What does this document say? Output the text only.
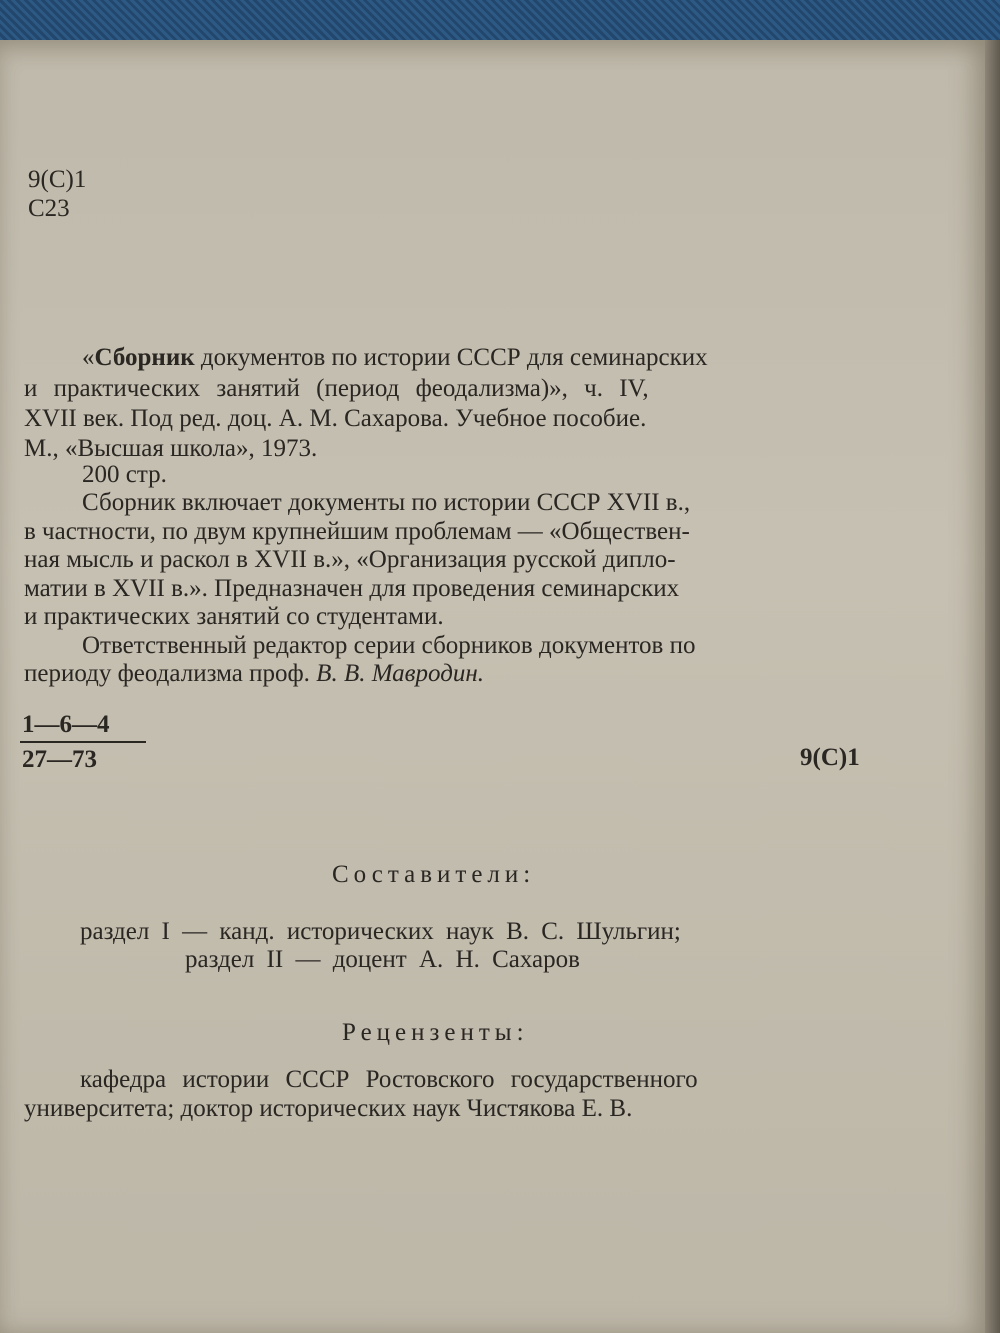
9(С)1
С23
«Сборник документов по истории СССР для семинарских
и практических занятий (период феодализма)», ч. IV,
XVII век. Под ред. доц. А. М. Сахарова. Учебное пособие.
М., «Высшая школа», 1973.
200 стр.
Сборник включает документы по истории СССР XVII в.,
в частности, по двум крупнейшим проблемам — «Обществен-
ная мысль и раскол в XVII в.», «Организация русской дипло-
матии в XVII в.». Предназначен для проведения семинарских
и практических занятий со студентами.
Ответственный редактор серии сборников документов по
периоду феодализма проф. В. В. Мавродин.
1—6—4
27—73	9(С)1
Составители:
раздел I — канд. исторических наук В. С. Шульгин;
раздел II — доцент А. Н. Сахаров
Рецензенты:
кафедра истории СССР Ростовского государственного
университета; доктор исторических наук Чистякова Е. В.
